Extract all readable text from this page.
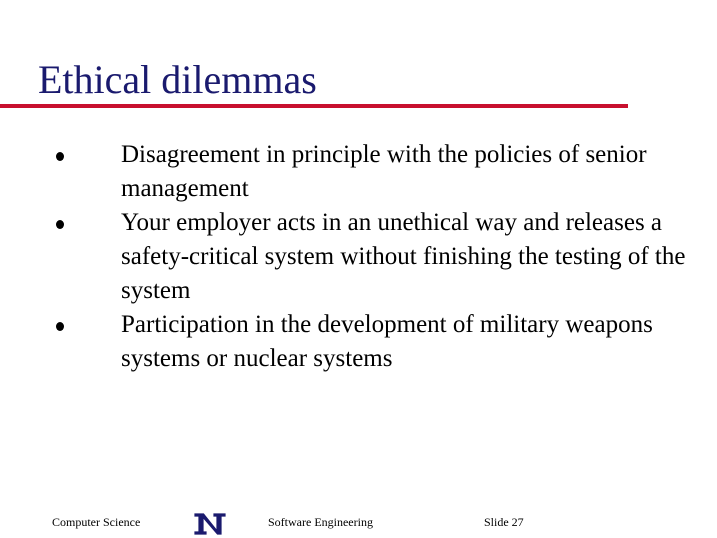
Ethical dilemmas
Disagreement in principle with the policies of senior management
Your employer acts in an unethical way and releases a safety-critical system without finishing the testing of the system
Participation in the development of military weapons systems or nuclear systems
Computer Science	Software Engineering	Slide 27
